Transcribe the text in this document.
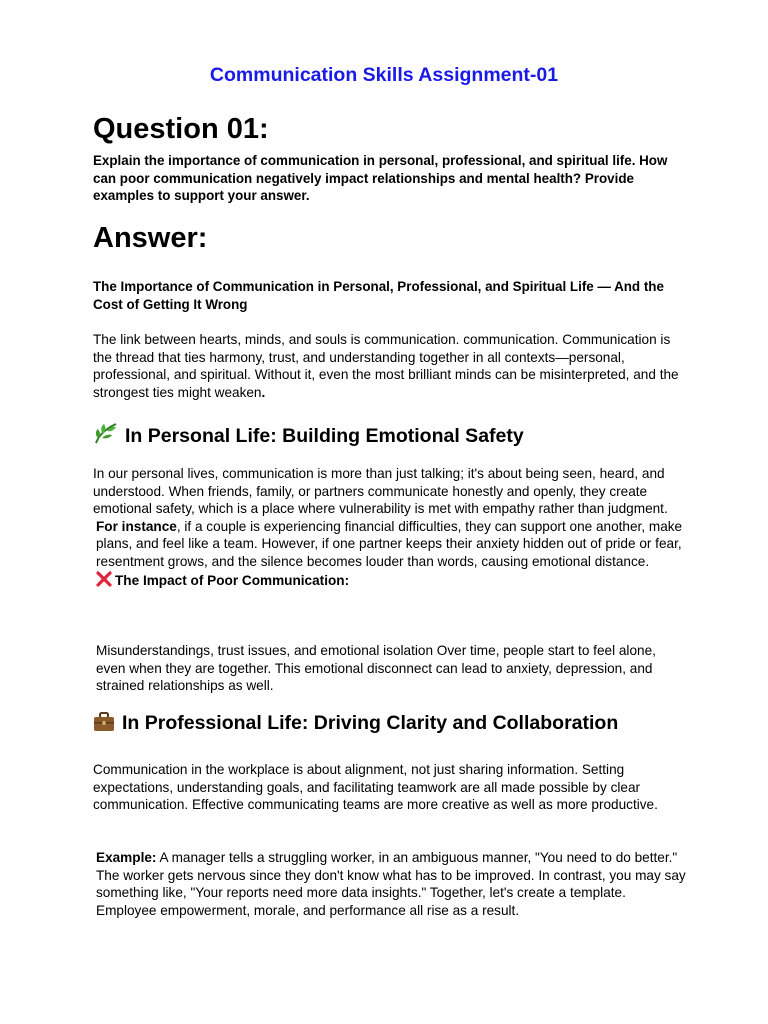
Communication Skills Assignment-01
Question 01:
Explain the importance of communication in personal, professional, and spiritual life. How can poor communication negatively impact relationships and mental health? Provide examples to support your answer.
Answer:
The Importance of Communication in Personal, Professional, and Spiritual Life — And the Cost of Getting It Wrong

The link between hearts, minds, and souls is communication. communication. Communication is the thread that ties harmony, trust, and understanding together in all contexts—personal, professional, and spiritual. Without it, even the most brilliant minds can be misinterpreted, and the strongest ties might weaken.

In Personal Life: Building Emotional Safety

In our personal lives, communication is more than just talking; it's about being seen, heard, and understood. When friends, family, or partners communicate honestly and openly, they create emotional safety, which is a place where vulnerability is met with empathy rather than judgment.

For instance, if a couple is experiencing financial difficulties, they can support one another, make plans, and feel like a team. However, if one partner keeps their anxiety hidden out of pride or fear, resentment grows, and the silence becomes louder than words, causing emotional distance.

The Impact of Poor Communication:

Misunderstandings, trust issues, and emotional isolation Over time, people start to feel alone, even when they are together. This emotional disconnect can lead to anxiety, depression, and strained relationships as well.

In Professional Life: Driving Clarity and Collaboration

Communication in the workplace is about alignment, not just sharing information. Setting expectations, understanding goals, and facilitating teamwork are all made possible by clear communication. Effective communicating teams are more creative as well as more productive.

Example: A manager tells a struggling worker, in an ambiguous manner, "You need to do better." The worker gets nervous since they don't know what has to be improved. In contrast, you may say something like, "Your reports need more data insights." Together, let's create a template. Employee empowerment, morale, and performance all rise as a result.
